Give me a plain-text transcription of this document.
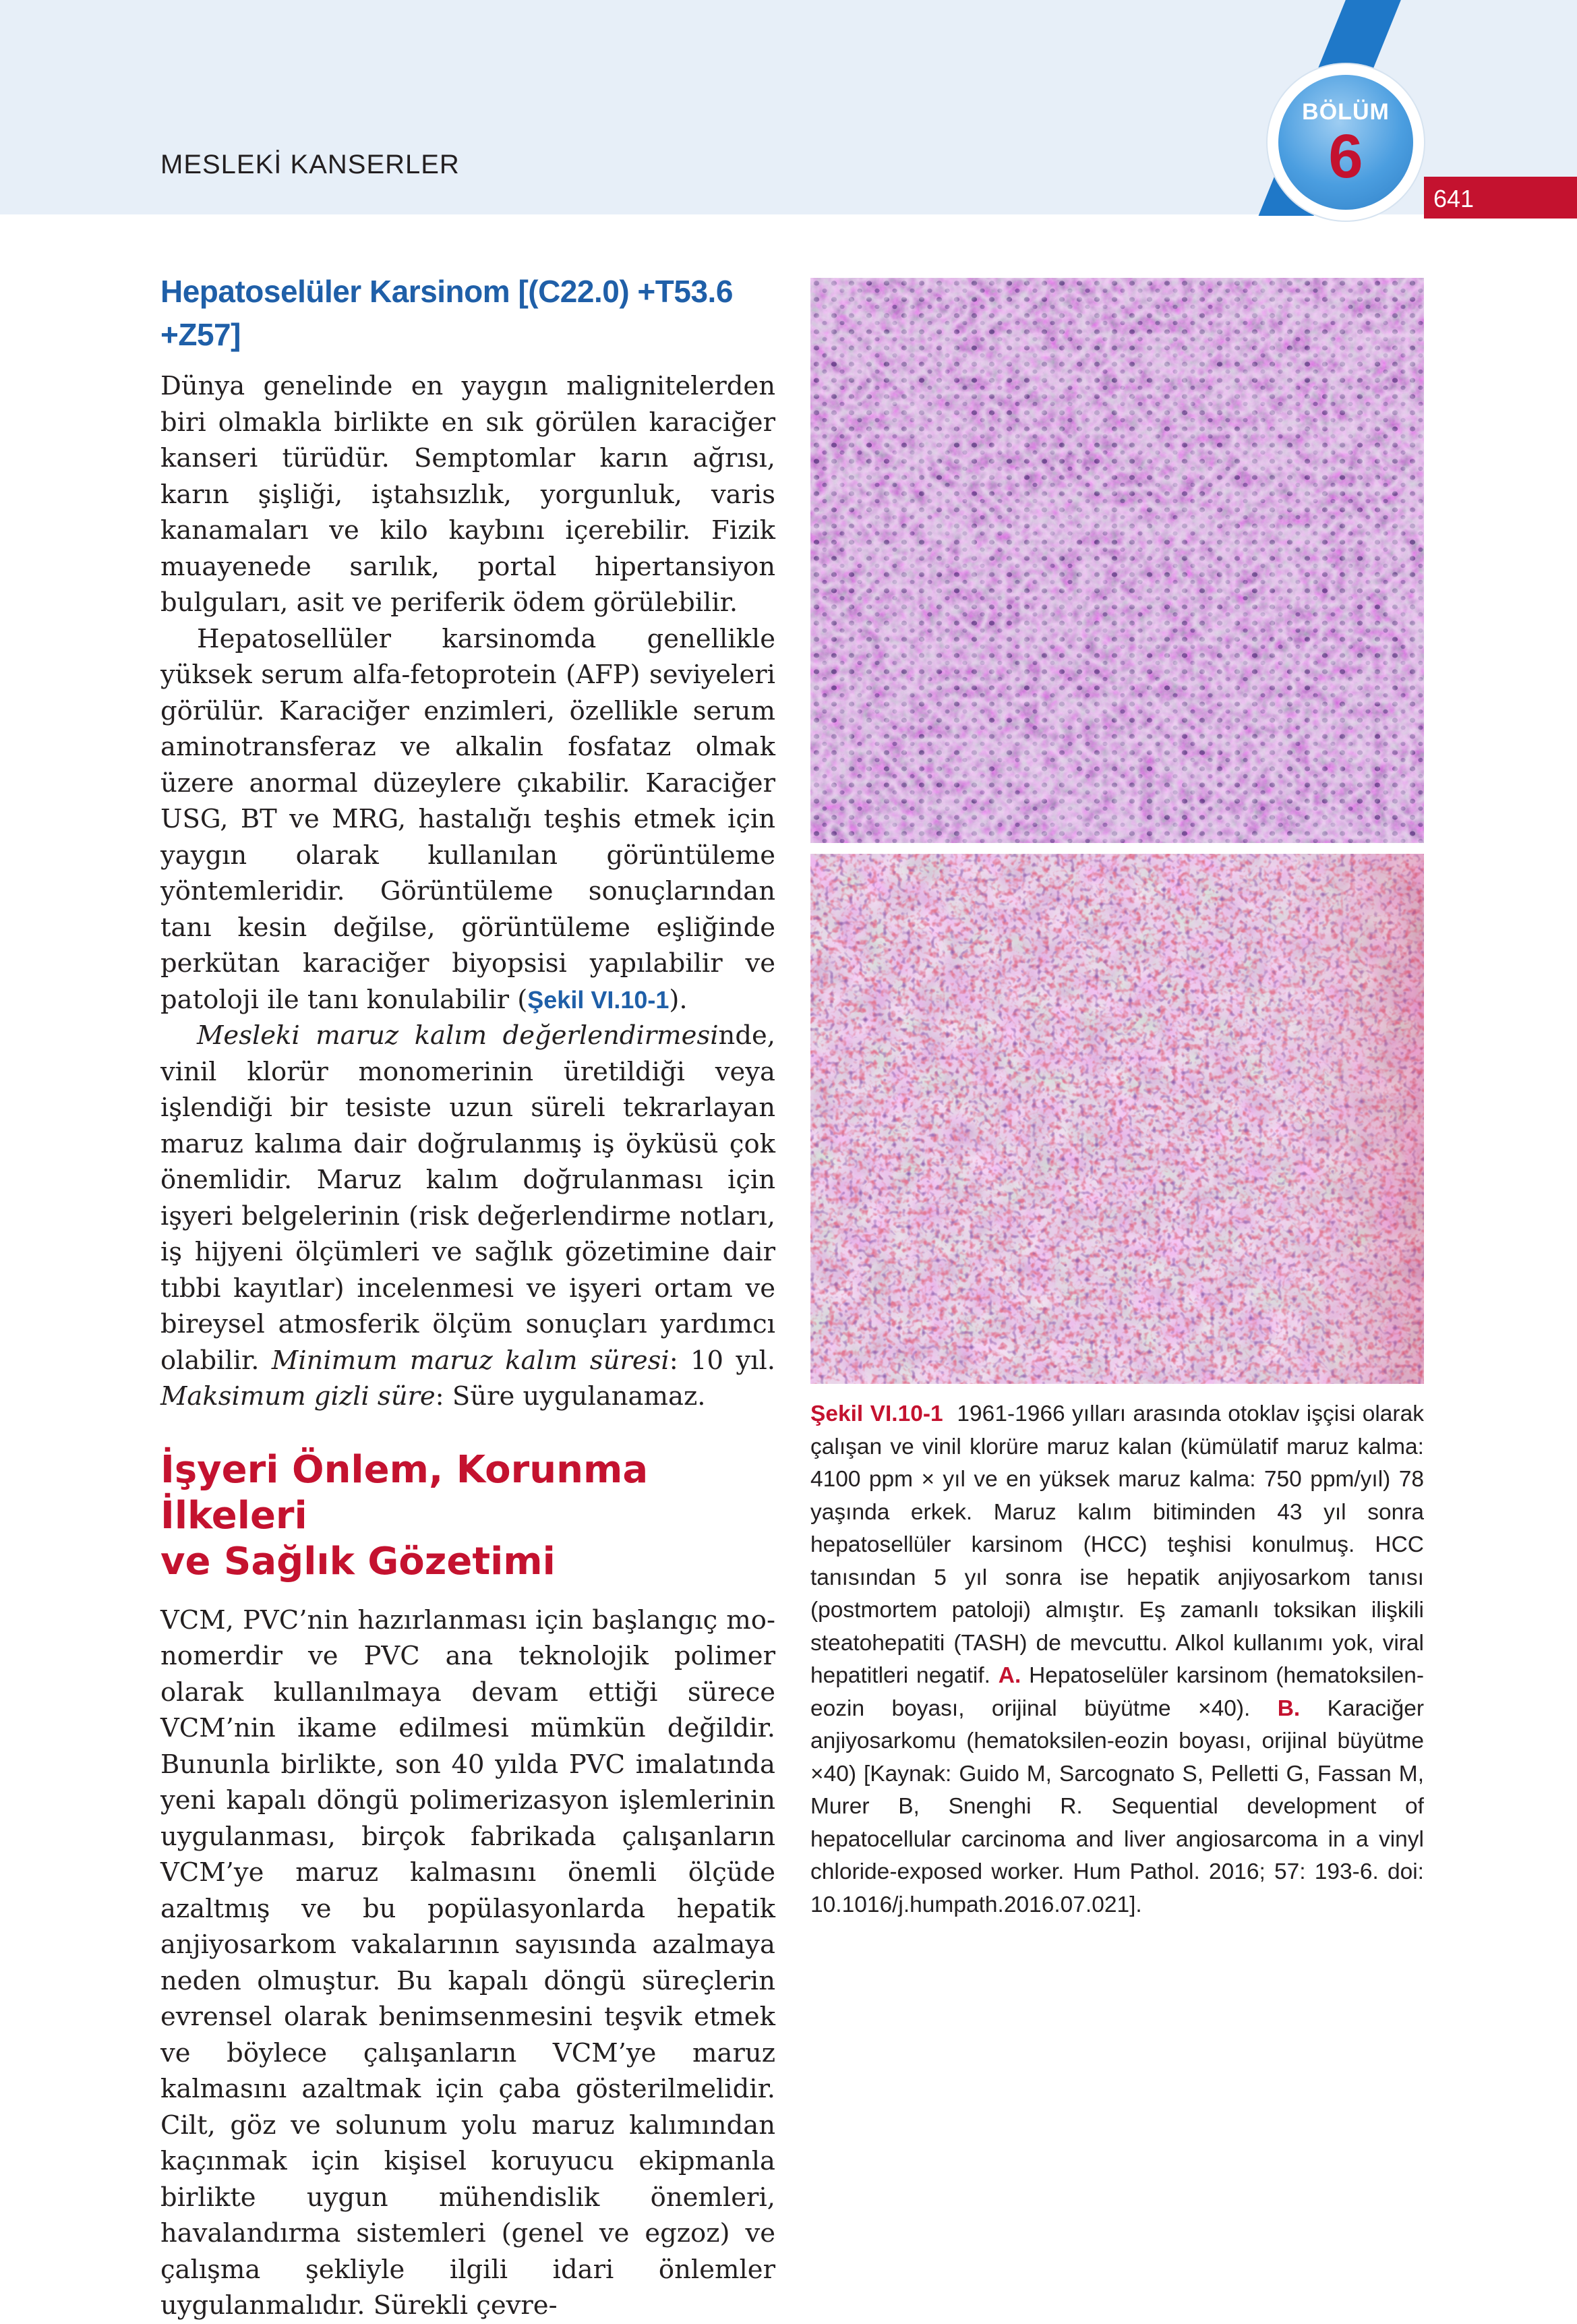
MESLEKİ KANSERLER
BÖLÜM
6
641
Hepatoselüler Karsinom [(C22.0) +T53.6 +Z57]

Dünya genelinde en yaygın malignitelerden biri olmakla birlikte en sık görülen karaciğer kanseri türüdür. Semptomlar karın ağrısı, karın şişliği, iştahsızlık, yorgunluk, varis kanamaları ve kilo kaybını içerebilir. Fizik muayenede sarılık, portal hipertansiyon bulguları, asit ve periferik ödem görülebilir.

Hepatosellüler karsinomda genellikle yüksek serum alfa-fetoprotein (AFP) seviyeleri görülür. Karaciğer enzimleri, özellikle serum aminotransferaz ve alkalin fosfataz olmak üzere anormal düzeylere çıkabilir. Karaciğer USG, BT ve MRG, hastalığı teşhis etmek için yaygın olarak kullanılan görüntüleme yöntemleridir. Görüntüleme sonuçlarından tanı kesin değilse, görüntüleme eşliğinde perkütan karaciğer biyopsisi yapılabilir ve patoloji ile tanı konulabilir (Şekil VI.10-1).

Mesleki maruz kalım değerlendirmesinde, vinil klorür monomerinin üretildiği veya işlendiği bir tesiste uzun süreli tekrarlayan maruz kalıma dair doğrulanmış iş öyküsü çok önemlidir. Maruz kalım doğrulanması için işyeri belgelerinin (risk değerlendirme notları, iş hijyeni ölçümleri ve sağlık gözetimine dair tıbbi kayıtlar) incelenmesi ve işyeri ortam ve bireysel atmosferik ölçüm sonuçları yardımcı olabilir. Minimum maruz kalım süresi: 10 yıl. Maksimum gizli süre: Süre uygulanamaz.

İşyeri Önlem, Korunma İlkeleri
ve Sağlık Gözetimi

VCM, PVC’nin hazırlanması için başlangıç monomerdir ve PVC ana teknolojik polimer olarak kullanılmaya devam ettiği sürece VCM’nin ikame edilmesi mümkün değildir. Bununla birlikte, son 40 yılda PVC imalatında yeni kapalı döngü polimerizasyon işlemlerinin uygulanması, birçok fabrikada çalışanların VCM’ye maruz kalmasını önemli ölçüde azaltmış ve bu popülasyonlarda hepatik anjiyosarkom vakalarının sayısında azalmaya neden olmuştur. Bu kapalı döngü süreçlerin evrensel olarak benimsenmesini teşvik etmek ve böylece çalışanların VCM’ye maruz kalmasını azaltmak için çaba gösterilmelidir. Cilt, göz ve solunum yolu maruz kalımından kaçınmak için kişisel koruyucu ekipmanla birlikte uygun mühendislik önemleri, havalandırma sistemleri (genel ve egzoz) ve çalışma şekliyle ilgili idari önlemler uygulanmalıdır. Sürekli çevre-

Şekil VI.10-1 1961-1966 yılları arasında otoklav işçisi olarak çalışan ve vinil klorüre maruz kalan (kümülatif maruz kalma: 4100 ppm × yıl ve en yüksek maruz kalma: 750 ppm/yıl) 78 yaşında erkek. Maruz kalım bitiminden 43 yıl sonra hepatosellüler karsinom (HCC) teşhisi konulmuş. HCC tanısından 5 yıl sonra ise hepatik anjiyosarkom tanısı (postmortem patoloji) almıştır. Eş zamanlı toksikan ilişkili steatohepatiti (TASH) de mevcuttu. Alkol kullanımı yok, viral hepatitleri negatif. A. Hepatoselüler karsinom (hematoksilen-eozin boyası, orijinal büyütme ×40). B. Karaciğer anjiyosarkomu (hematoksilen-eozin boyası, orijinal büyütme ×40) [Kaynak: Guido M, Sarcognato S, Pelletti G, Fassan M, Murer B, Snenghi R. Sequential development of hepatocellular carcinoma and liver angiosarcoma in a vinyl chloride-exposed worker. Hum Pathol. 2016; 57: 193-6. doi: 10.1016/j.humpath.2016.07.021].
